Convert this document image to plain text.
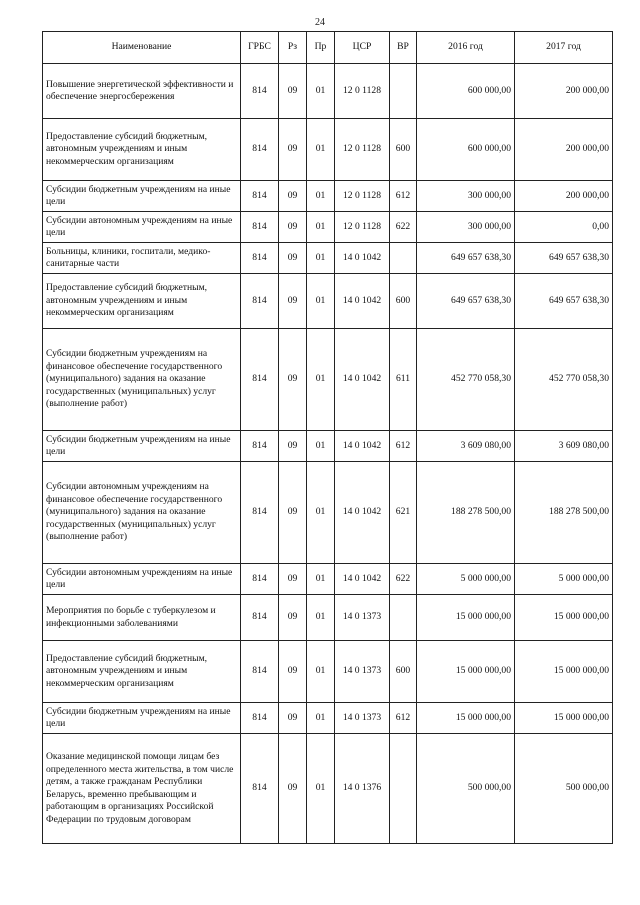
24
Наименование	ГРБС	Рз	Пр	ЦСР	ВР	2016 год	2017 год
Повышение энергетической эффективности и обеспечение энергосбережения	814	09	01	12 0 1128		600 000,00	200 000,00
Предоставление субсидий бюджетным, автономным учреждениям и иным некоммерческим организациям	814	09	01	12 0 1128	600	600 000,00	200 000,00
Субсидии бюджетным учреждениям на иные цели	814	09	01	12 0 1128	612	300 000,00	200 000,00
Субсидии автономным учреждениям на иные цели	814	09	01	12 0 1128	622	300 000,00	0,00
Больницы, клиники, госпитали, медико-санитарные части	814	09	01	14 0 1042		649 657 638,30	649 657 638,30
Предоставление субсидий бюджетным, автономным учреждениям и иным некоммерческим организациям	814	09	01	14 0 1042	600	649 657 638,30	649 657 638,30
Субсидии бюджетным учреждениям на финансовое обеспечение государственного (муниципального) задания на оказание государственных (муниципальных) услуг (выполнение работ)	814	09	01	14 0 1042	611	452 770 058,30	452 770 058,30
Субсидии бюджетным учреждениям на иные цели	814	09	01	14 0 1042	612	3 609 080,00	3 609 080,00
Субсидии автономным учреждениям на финансовое обеспечение государственного (муниципального) задания на оказание государственных (муниципальных) услуг (выполнение работ)	814	09	01	14 0 1042	621	188 278 500,00	188 278 500,00
Субсидии автономным учреждениям на иные цели	814	09	01	14 0 1042	622	5 000 000,00	5 000 000,00
Мероприятия по борьбе с туберкулезом и инфекционными заболеваниями	814	09	01	14 0 1373		15 000 000,00	15 000 000,00
Предоставление субсидий бюджетным, автономным учреждениям и иным некоммерческим организациям	814	09	01	14 0 1373	600	15 000 000,00	15 000 000,00
Субсидии бюджетным учреждениям на иные цели	814	09	01	14 0 1373	612	15 000 000,00	15 000 000,00
Оказание медицинской помощи лицам без определенного места жительства, в том числе детям, а также гражданам Республики Беларусь, временно пребывающим и работающим в организациях Российской Федерации по трудовым договорам	814	09	01	14 0 1376		500 000,00	500 000,00
